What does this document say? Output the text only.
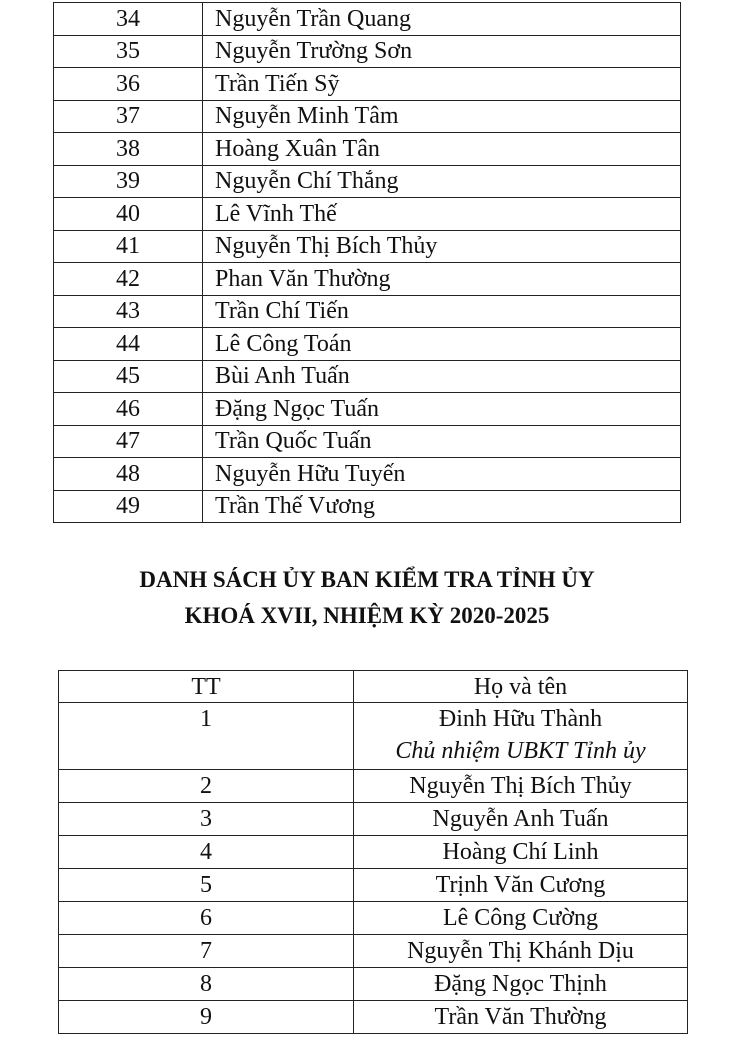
34	Nguyễn Trần Quang
35	Nguyễn Trường Sơn
36	Trần Tiến Sỹ
37	Nguyễn Minh Tâm
38	Hoàng Xuân Tân
39	Nguyễn Chí Thắng
40	Lê Vĩnh Thế
41	Nguyễn Thị Bích Thủy
42	Phan Văn Thường
43	Trần Chí Tiến
44	Lê Công Toán
45	Bùi Anh Tuấn
46	Đặng Ngọc Tuấn
47	Trần Quốc Tuấn
48	Nguyễn Hữu Tuyến
49	Trần Thế Vương
DANH SÁCH ỦY BAN KIỂM TRA TỈNH ỦY
KHOÁ XVII, NHIỆM KỲ 2020-2025
TT	Họ và tên
1	Đinh Hữu Thành
Chủ nhiệm UBKT Tỉnh ủy

2	Nguyễn Thị Bích Thủy
3	Nguyễn Anh Tuấn
4	Hoàng Chí Linh
5	Trịnh Văn Cương
6	Lê Công Cường
7	Nguyễn Thị Khánh Dịu
8	Đặng Ngọc Thịnh
9	Trần Văn Thường
